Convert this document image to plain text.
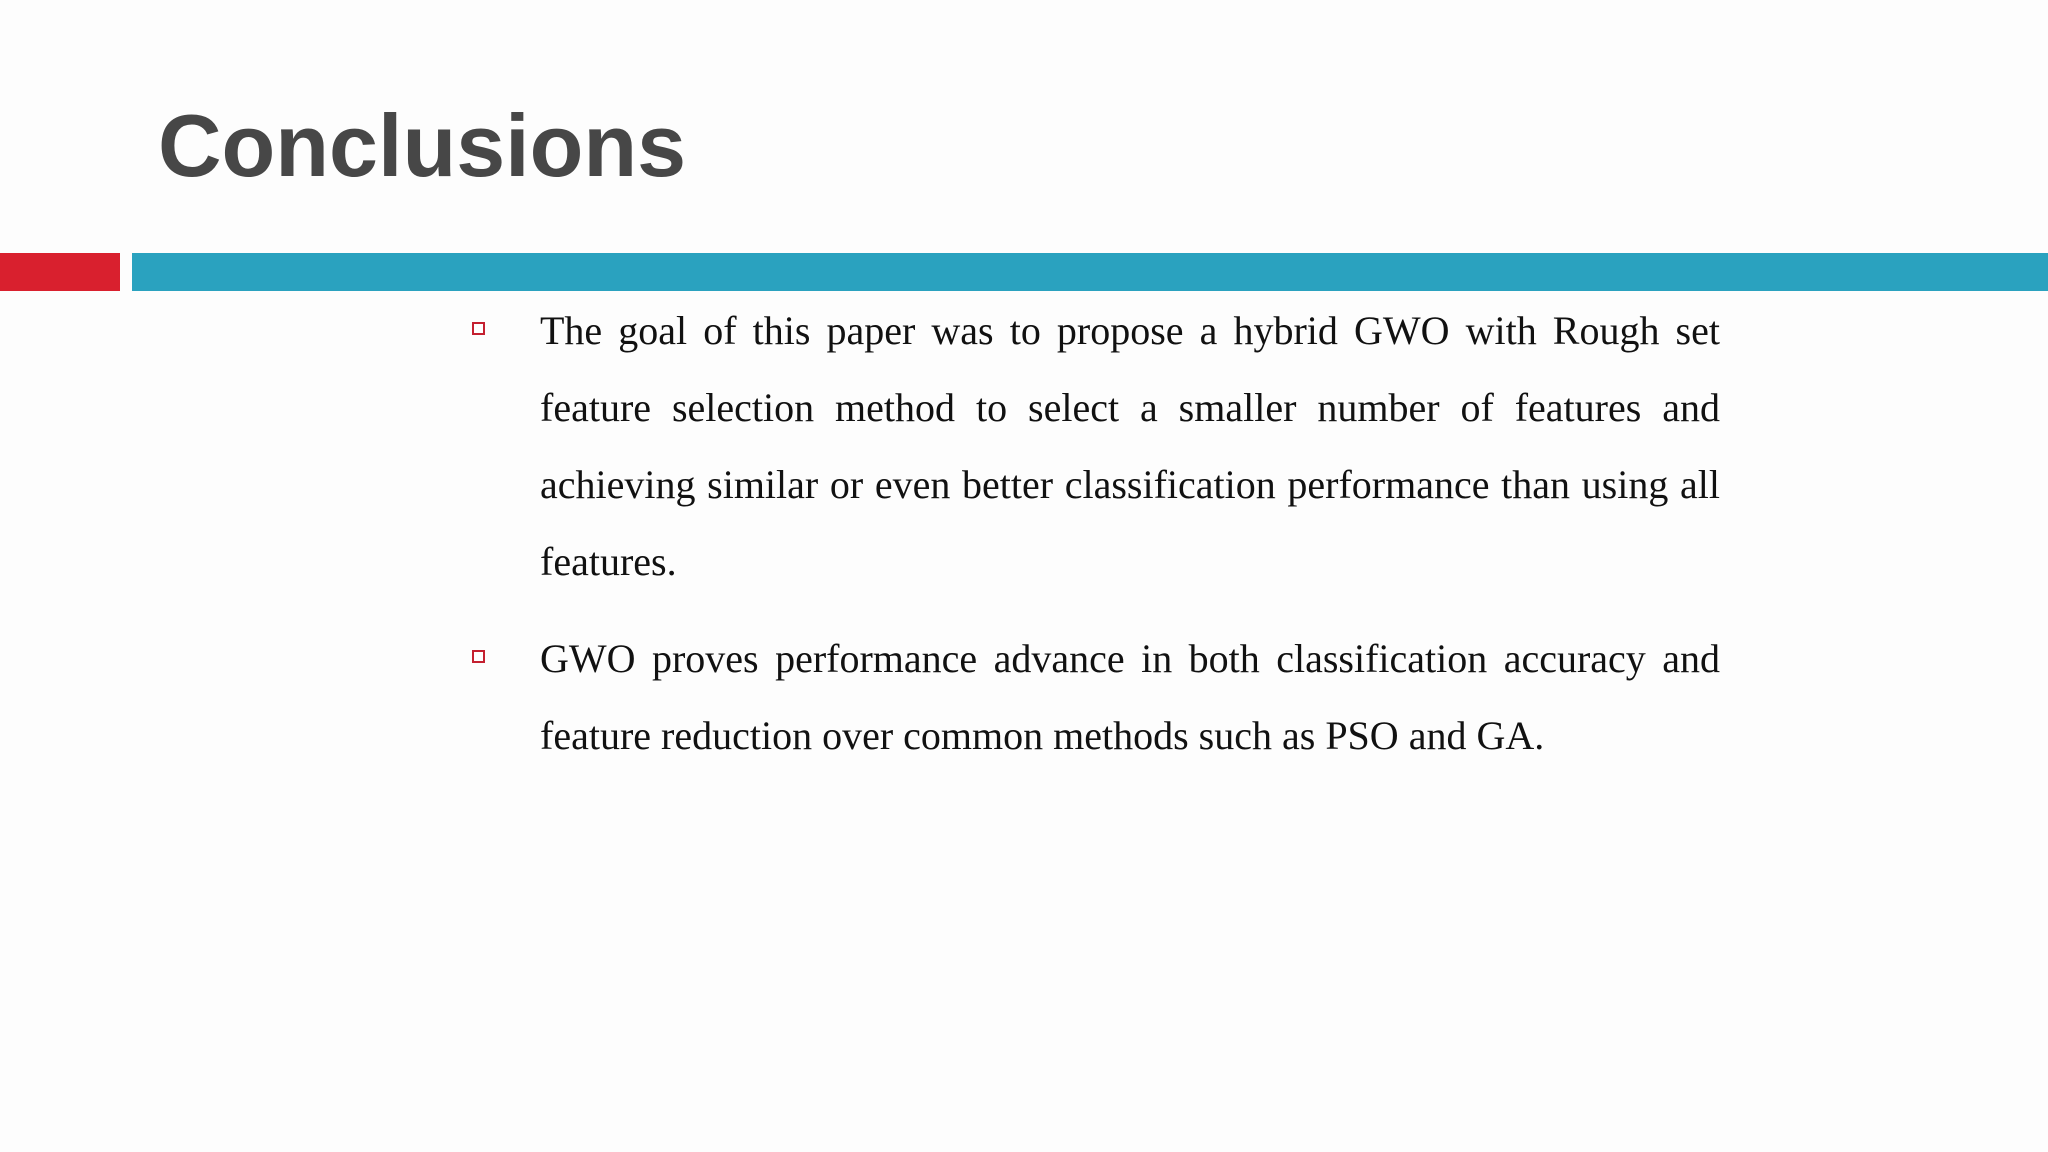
Conclusions
The goal of this paper was to propose a hybrid GWO with Rough set feature selection method to select a smaller number of features and achieving similar or even better classification performance than using all features.
GWO proves performance advance in both classification accuracy and feature reduction over common methods such as PSO and GA.
